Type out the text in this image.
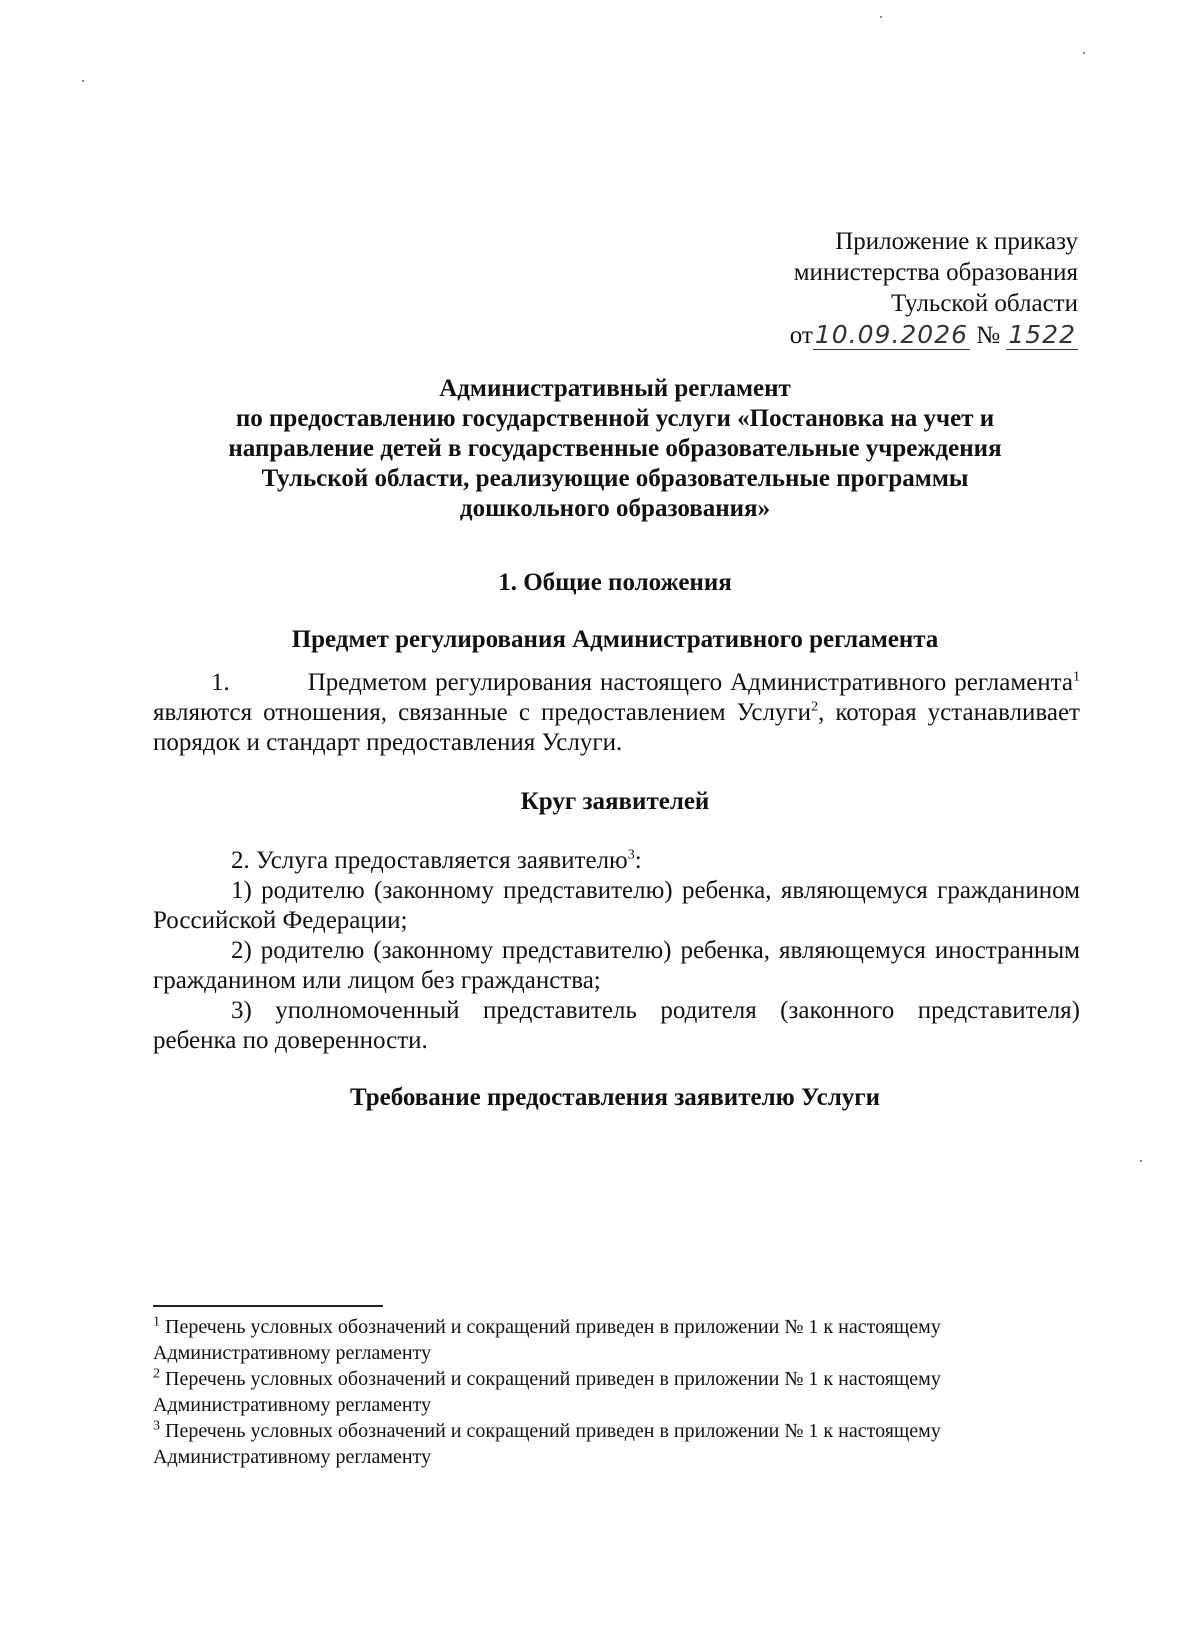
Приложение к приказу
министерства образования
Тульской области
от10.09.2026 № 1522
Административный регламент
по предоставлению государственной услуги «Постановка на учет и
направление детей в государственные образовательные учреждения
Тульской области, реализующие образовательные программы
дошкольного образования»
1. Общие положения
Предмет регулирования Административного регламента
1.	Предметом регулирования настоящего Административного регламента$^1$ являются отношения, связанные с предоставлением Услуги$^2$, которая устанавливает порядок и стандарт предоставления Услуги.
Круг заявителей
2. Услуга предоставляется заявителю$^3$:
1) родителю (законному представителю) ребенка, являющемуся гражданином Российской Федерации;
2) родителю (законному представителю) ребенка, являющемуся иностранным гражданином или лицом без гражданства;
3) уполномоченный представитель родителя (законного представителя) ребенка по доверенности.
Требование предоставления заявителю Услуги

$^1$ Перечень условных обозначений и сокращений приведен в приложении № 1 к настоящему Административному регламенту

$^2$ Перечень условных обозначений и сокращений приведен в приложении № 1 к настоящему Административному регламенту

$^3$ Перечень условных обозначений и сокращений приведен в приложении № 1 к настоящему Административному регламенту
